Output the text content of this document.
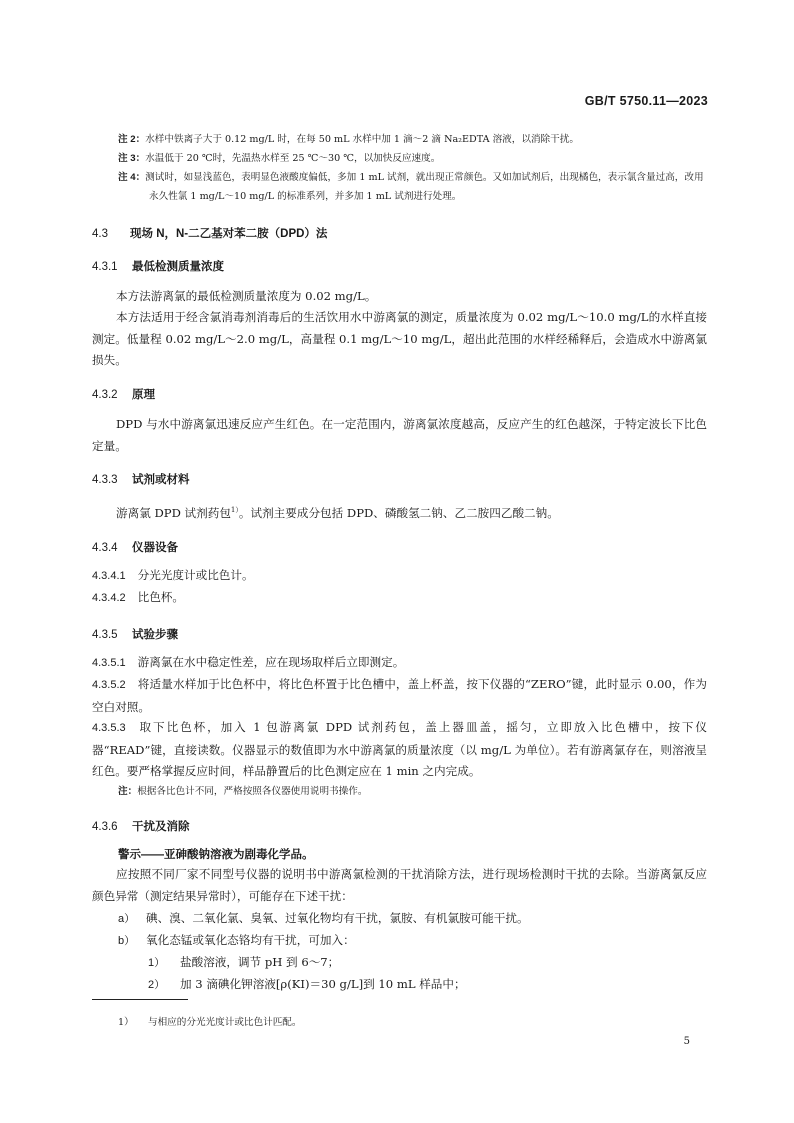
GB/T 5750.11—2023
注 2：水样中铁离子大于 0.12 mg/L 时，在每 50 mL 水样中加 1 滴～2 滴 Na₂EDTA 溶液，以消除干扰。
注 3：水温低于 20 ℃时，先温热水样至 25 ℃～30 ℃，以加快反应速度。
注 4：测试时，如显浅蓝色，表明显色液酸度偏低，多加 1 mL 试剂，就出现正常颜色。又如加试剂后，出现橘色，表示氯含量过高，改用永久性氯 1 mg/L～10 mg/L 的标准系列，并多加 1 mL 试剂进行处理。
4.3 现场 N，N-二乙基对苯二胺（DPD）法
4.3.1 最低检测质量浓度
本方法游离氯的最低检测质量浓度为 0.02 mg/L。
本方法适用于经含氯消毒剂消毒后的生活饮用水中游离氯的测定，质量浓度为 0.02 mg/L～10.0 mg/L的水样直接测定。低量程 0.02 mg/L～2.0 mg/L，高量程 0.1 mg/L～10 mg/L，超出此范围的水样经稀释后，会造成水中游离氯损失。
4.3.2 原理
DPD 与水中游离氯迅速反应产生红色。在一定范围内，游离氯浓度越高，反应产生的红色越深，于特定波长下比色定量。
4.3.3 试剂或材料
游离氯 DPD 试剂药包$^{1)}$。试剂主要成分包括 DPD、磷酸氢二钠、乙二胺四乙酸二钠。
4.3.4 仪器设备
4.3.4.1 分光光度计或比色计。
4.3.4.2 比色杯。
4.3.5 试验步骤
4.3.5.1 游离氯在水中稳定性差，应在现场取样后立即测定。
4.3.5.2 将适量水样加于比色杯中，将比色杯置于比色槽中，盖上杯盖，按下仪器的“ZERO”键，此时显示 0.00，作为空白对照。
4.3.5.3 取下比色杯，加入 1 包游离氯 DPD 试剂药包，盖上器皿盖，摇匀，立即放入比色槽中，按下仪器“READ”键，直接读数。仪器显示的数值即为水中游离氯的质量浓度（以 mg/L 为单位）。若有游离氯存在，则溶液呈红色。要严格掌握反应时间，样品静置后的比色测定应在 1 min 之内完成。
注：根据各比色计不同，严格按照各仪器使用说明书操作。
4.3.6 干扰及消除
警示——亚砷酸钠溶液为剧毒化学品。
应按照不同厂家不同型号仪器的说明书中游离氯检测的干扰消除方法，进行现场检测时干扰的去除。当游离氯反应颜色异常（测定结果异常时），可能存在下述干扰：
a） 碘、溴、二氧化氯、臭氧、过氧化物均有干扰，氯胺、有机氯胺可能干扰。
b） 氧化态锰或氧化态铬均有干扰，可加入：
1） 盐酸溶液，调节 pH 到 6～7；
2） 加 3 滴碘化钾溶液[ρ(KI)＝30 g/L]到 10 mL 样品中；
1） 与相应的分光光度计或比色计匹配。
5
